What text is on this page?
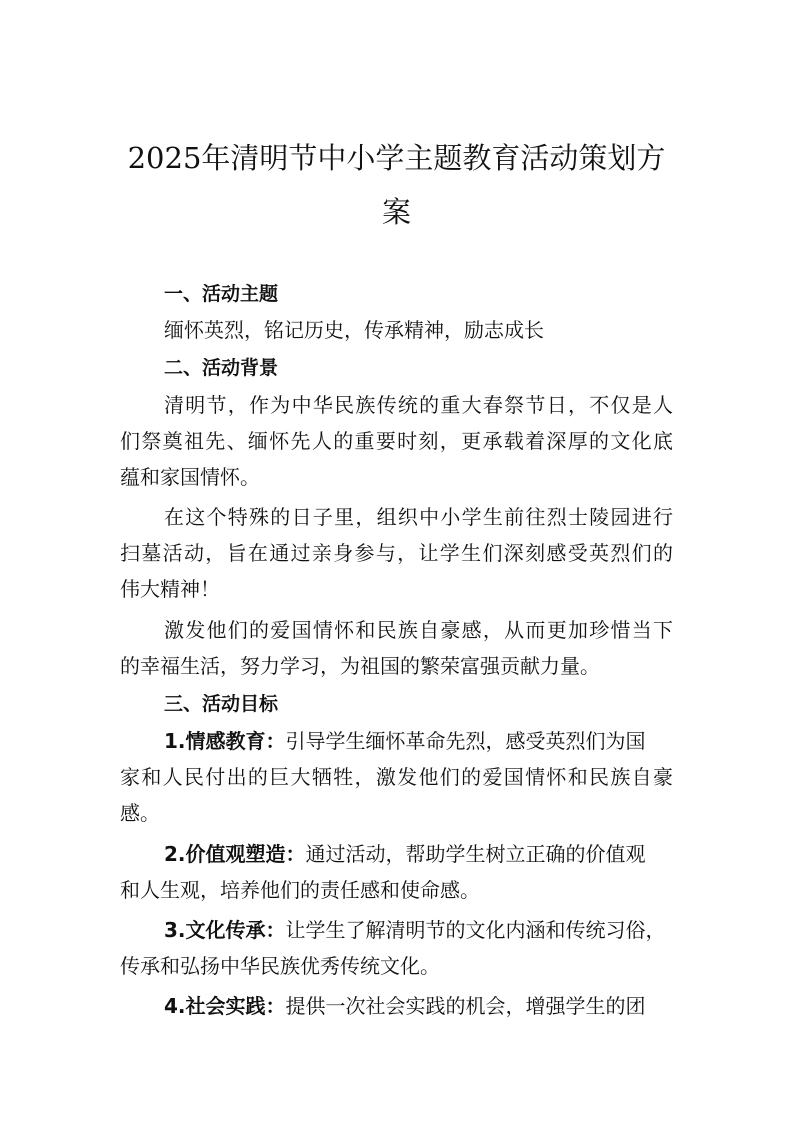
2025年清明节中小学主题教育活动策划方
案
一、活动主题
缅怀英烈，铭记历史，传承精神，励志成长
二、活动背景
清明节，作为中华民族传统的重大春祭节日，不仅是人
们祭奠祖先、缅怀先人的重要时刻，更承载着深厚的文化底
蕴和家国情怀。
在这个特殊的日子里，组织中小学生前往烈士陵园进行
扫墓活动，旨在通过亲身参与，让学生们深刻感受英烈们的
伟大精神！
激发他们的爱国情怀和民族自豪感，从而更加珍惜当下
的幸福生活，努力学习，为祖国的繁荣富强贡献力量。
三、活动目标
1.情感教育：引导学生缅怀革命先烈，感受英烈们为国
家和人民付出的巨大牺牲，激发他们的爱国情怀和民族自豪
感。
2.价值观塑造：通过活动，帮助学生树立正确的价值观
和人生观，培养他们的责任感和使命感。
3.文化传承：让学生了解清明节的文化内涵和传统习俗，
传承和弘扬中华民族优秀传统文化。
4.社会实践：提供一次社会实践的机会，增强学生的团
